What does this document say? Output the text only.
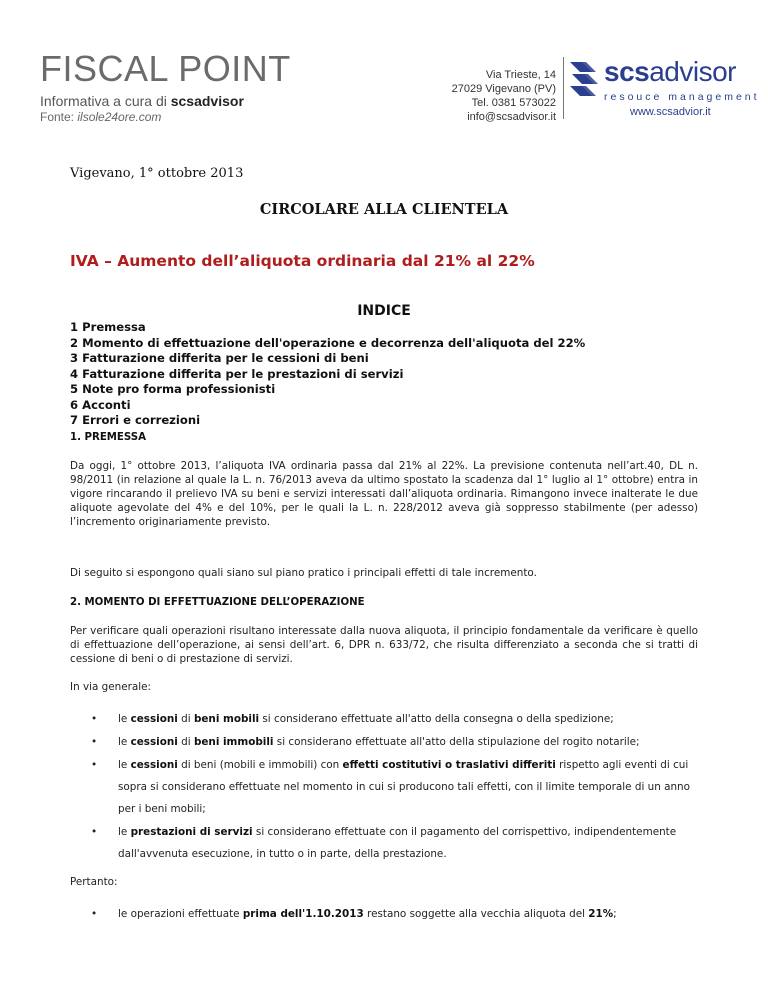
FISCAL POINT
Informativa a cura di scsadvisor
Fonte: ilsole24ore.com
Via Trieste, 14
27029 Vigevano (PV)
Tel. 0381 573022
info@scsadvisor.it
scsadvisor
resouce management
www.scsadvior.it
Vigevano, 1° ottobre 2013
CIRCOLARE ALLA CLIENTELA
IVA – Aumento dell’aliquota ordinaria dal 21% al 22%
INDICE
1 Premessa
2 Momento di effettuazione dell'operazione e decorrenza dell'aliquota del 22%
3 Fatturazione differita per le cessioni di beni
4 Fatturazione differita per le prestazioni di servizi
5 Note pro forma professionisti
6 Acconti
7 Errori e correzioni
1. PREMESSA

Da oggi, 1° ottobre 2013, l’aliquota IVA ordinaria passa dal 21% al 22%. La previsione contenuta nell’art.40, DL n. 98/2011 (in relazione al quale la L. n. 76/2013 aveva da ultimo spostato la scadenza dal 1° luglio al 1° ottobre) entra in vigore rincarando il prelievo IVA su beni e servizi interessati dall’aliquota ordinaria. Rimangono invece inalterate le due aliquote agevolate del 4% e del 10%, per le quali la L. n. 228/2012 aveva già soppresso stabilmente (per adesso) l’incremento originariamente previsto.

Di seguito si espongono quali siano sul piano pratico i principali effetti di tale incremento.

2. MOMENTO DI EFFETTUAZIONE DELL’OPERAZIONE

Per verificare quali operazioni risultano interessate dalla nuova aliquota, il principio fondamentale da verificare è quello di effettuazione dell’operazione, ai sensi dell’art. 6, DPR n. 633/72, che risulta differenziato a seconda che si tratti di cessione di beni o di prestazione di servizi.

In via generale:

• le cessioni di beni mobili si considerano effettuate all'atto della consegna o della spedizione;
• le cessioni di beni immobili si considerano effettuate all'atto della stipulazione del rogito notarile;
• le cessioni di beni (mobili e immobili) con effetti costitutivi o traslativi differiti rispetto agli eventi di cui sopra si considerano effettuate nel momento in cui si producono tali effetti, con il limite temporale di un anno per i beni mobili;
• le prestazioni di servizi si considerano effettuate con il pagamento del corrispettivo, indipendentemente dall'avvenuta esecuzione, in tutto o in parte, della prestazione.

Pertanto:

• le operazioni effettuate prima dell'1.10.2013 restano soggette alla vecchia aliquota del 21%;
